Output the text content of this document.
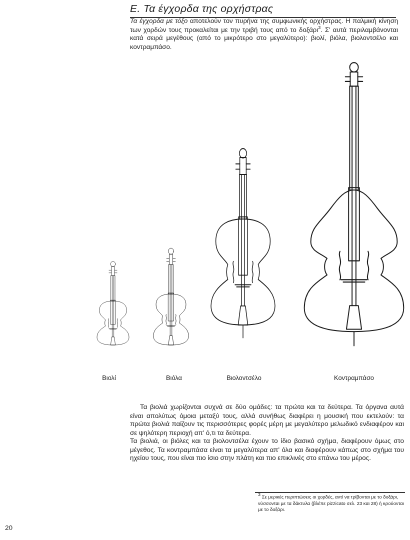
Ε. Τα έγχορδα της ορχήστρας

Τα έγχορδα με τόξο αποτελούν τον πυρήνα της συμφωνικής ορχήστρας. Η παλμική κίνηση των χορδών τους προκαλείται με την τριβή τους από το δοξάρι$^3$. Σ' αυτά περιλαμβάνονται κατά σειρά μεγέθους (από το μικρότερο στο μεγαλύτερο): βιολί, βιόλα, βιολοντσέλο και κοντραμπάσο.

Βιολί	Βιόλα	Βιολοντσέλο	Κοντραμπάσο

Τα βιολιά χωρίζονται συχνά σε δύο ομάδες: τα πρώτα και τα δεύτερα. Τα όργανα αυτά είναι απολύτως όμοια μεταξύ τους, αλλά συνήθως διαφέρει η μουσική που εκτελούν: τα πρώτα βιολιά παίζουν τις περισσότερες φορές μέρη με μεγαλύτερο μελωδικό ενδιαφέρον και σε ψηλότερη περιοχή απ' ό,τι τα δεύτερα.

Τα βιολιά, οι βιόλες και τα βιολοντσέλα έχουν το ίδιο βασικό σχήμα, διαφέρουν όμως στο μέγεθος. Τα κοντραμπάσα είναι τα μεγαλύτερα απ' όλα και διαφέρουν κάπως στο σχήμα του ηχείου τους, που είναι πιο ίσιο στην πλάτη και πιο επικλινές στο επάνω του μέρος.

$^3$ Σε μερικές περιπτώσεις οι χορδές, αντί να τρίβονται με το δοξάρι, νύσσονται με τα δάκτυλα (βλέπε pizzicato σελ. 23 και 28) ή κρούονται με το δοξάρι.

20
